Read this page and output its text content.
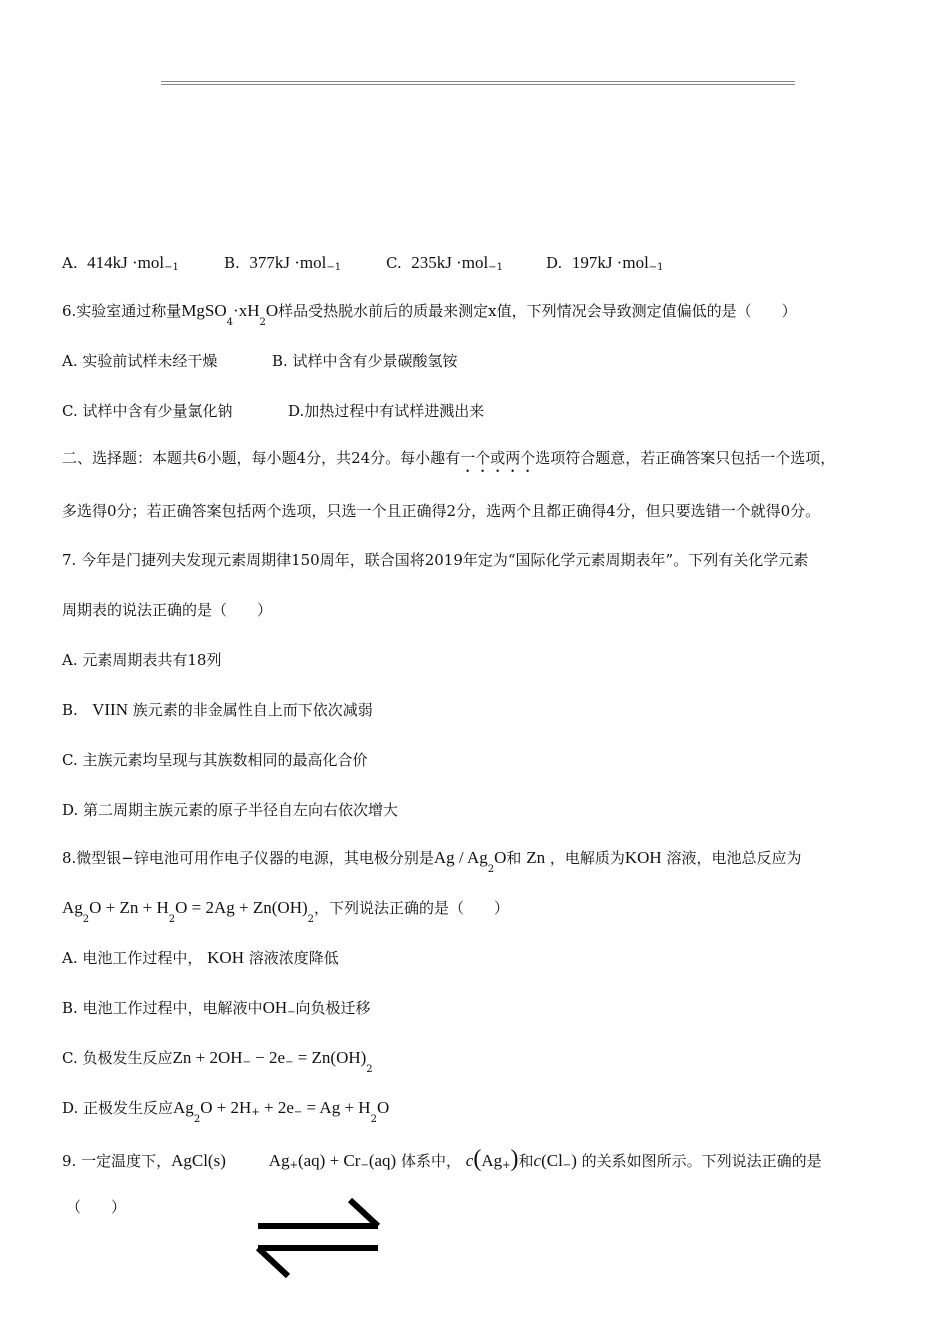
A. 414kJ ·mol−1	B. 377kJ ·mol−1	C. 235kJ ·mol−1	D. 197kJ ·mol−1
6.实验室通过称量$MgSO_4\cdot xH_2O$样品受热脱水前后的质最来测定x值，下列情况会导致测定值偏低的是（　　）
A. 实验前试样未经干燥	B. 试样中含有少景碳酸氢铵
C. 试样中含有少量氯化钠	D.加热过程中有试样进溅出来
二、选择题：本题共6小题，每小题4分，共24分。每小趣有一个或两个选项符合题意，若正确答案只包括一个选项，
多选得0分；若正确答案包括两个选项，只选一个且正确得2分，选两个且都正确得4分，但只要选错一个就得0分。
7. 今年是门捷列夫发现元素周期律150周年，联合国将2019年定为“国际化学元素周期表年”。下列有关化学元素
周期表的说法正确的是（　　）
A. 元素周期表共有18列
B. VIIN 族元素的非金属性自上而下依次减弱
C. 主族元素均呈现与其族数相同的最高化合价
D. 第二周期主族元素的原子半径自左向右依次增大
8.微型银−锌电池可用作电子仪器的电源，其电极分别是Ag / $Ag_2O$和 Zn ，电解质为KOH 溶液，电池总反应为
$Ag_2O + Zn + H_2O = 2Ag + Zn(OH)_2$，下列说法正确的是（　　）
A. 电池工作过程中， KOH 溶液浓度降低
B. 电池工作过程中，电解液中OH−向负极迁移
C. 负极发生反应$Zn + 2OH- - 2e- = Zn(OH)_2$
D. 正极发生反应$Ag_2O + 2H+ + 2e- = Ag + H_2O$
9. 一定温度下，AgCl(s)	Ag+(aq) + Cr−(aq) 体系中， c(Ag+)和c(Cl−) 的关系如图所示。下列说法正确的是
（　　）
